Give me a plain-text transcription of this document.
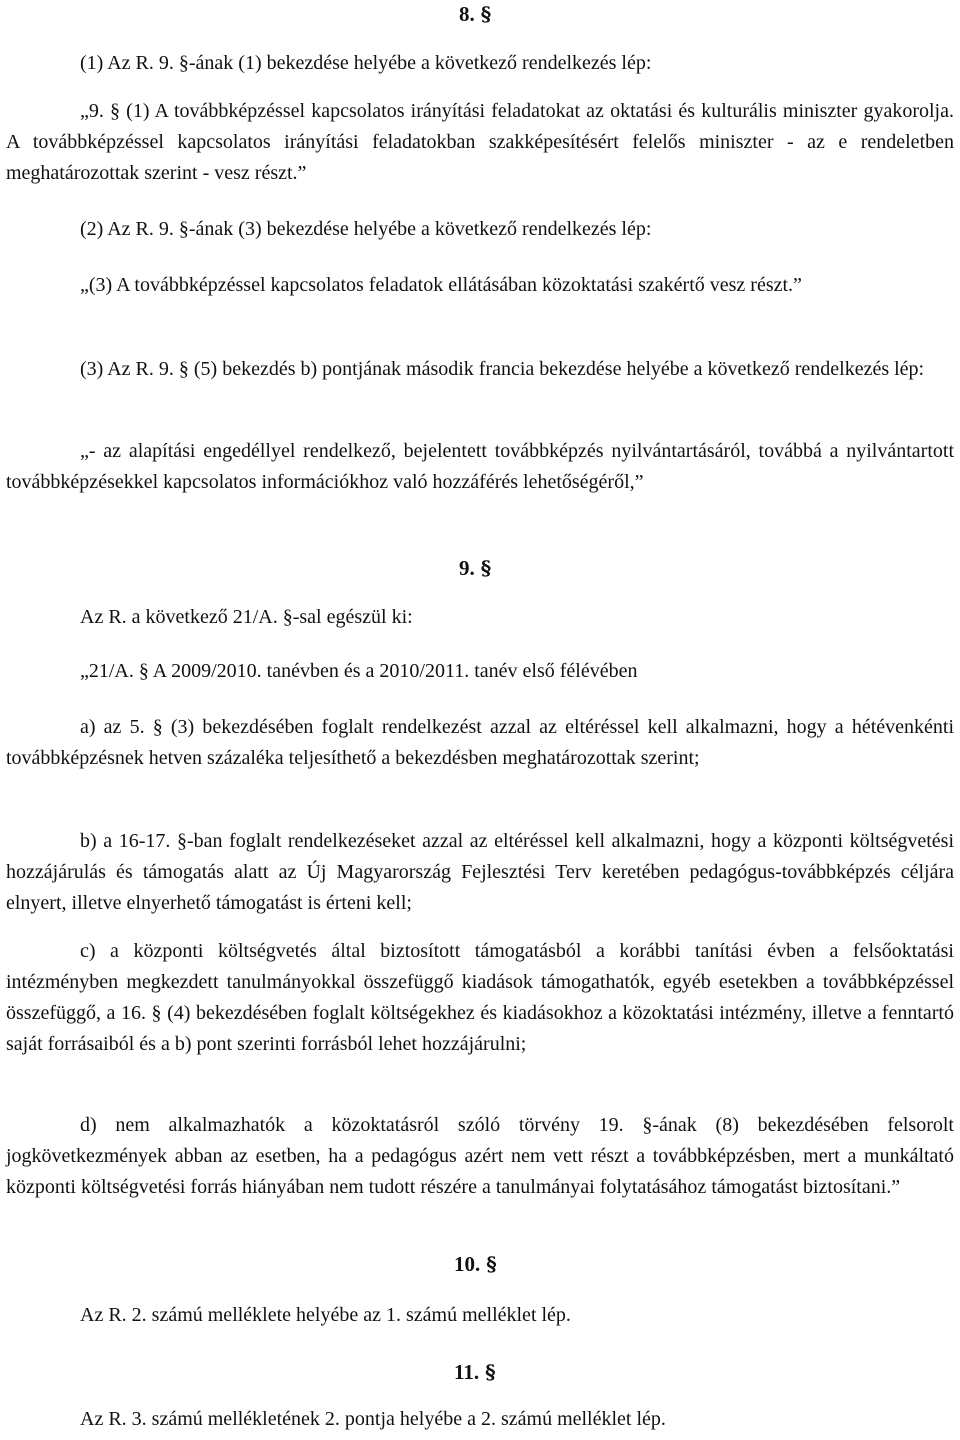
8. §
(1) Az R. 9. §-ának (1) bekezdése helyébe a következő rendelkezés lép:

„9. § (1) A továbbképzéssel kapcsolatos irányítási feladatokat az oktatási és kulturális miniszter gyakorolja. A továbbképzéssel kapcsolatos irányítási feladatokban szakképesítésért felelős miniszter - az e rendeletben meghatározottak szerint - vesz részt.”

(2) Az R. 9. §-ának (3) bekezdése helyébe a következő rendelkezés lép:

„(3) A továbbképzéssel kapcsolatos feladatok ellátásában közoktatási szakértő vesz részt.”

(3) Az R. 9. § (5) bekezdés b) pontjának második francia bekezdése helyébe a következő rendelkezés lép:

„- az alapítási engedéllyel rendelkező, bejelentett továbbképzés nyilvántartásáról, továbbá a nyilvántartott továbbképzésekkel kapcsolatos információkhoz való hozzáférés lehetőségéről,”

9. §
Az R. a következő 21/A. §-sal egészül ki:
„21/A. § A 2009/2010. tanévben és a 2010/2011. tanév első félévében

a) az 5. § (3) bekezdésében foglalt rendelkezést azzal az eltéréssel kell alkalmazni, hogy a hétévenkénti továbbképzésnek hetven százaléka teljesíthető a bekezdésben meghatározottak szerint;

b) a 16-17. §-ban foglalt rendelkezéseket azzal az eltéréssel kell alkalmazni, hogy a központi költségvetési hozzájárulás és támogatás alatt az Új Magyarország Fejlesztési Terv keretében pedagógus-továbbképzés céljára elnyert, illetve elnyerhető támogatást is érteni kell;

c) a központi költségvetés által biztosított támogatásból a korábbi tanítási évben a felsőoktatási intézményben megkezdett tanulmányokkal összefüggő kiadások támogathatók, egyéb esetekben a továbbképzéssel összefüggő, a 16. § (4) bekezdésében foglalt költségekhez és kiadásokhoz a közoktatási intézmény, illetve a fenntartó saját forrásaiból és a b) pont szerinti forrásból lehet hozzájárulni;

d) nem alkalmazhatók a közoktatásról szóló törvény 19. §-ának (8) bekezdésében felsorolt jogkövetkezmények abban az esetben, ha a pedagógus azért nem vett részt a továbbképzésben, mert a munkáltató központi költségvetési forrás hiányában nem tudott részére a tanulmányai folytatásához támogatást biztosítani.”

10. §
Az R. 2. számú melléklete helyébe az 1. számú melléklet lép.
11. §
Az R. 3. számú mellékletének 2. pontja helyébe a 2. számú melléklet lép.
